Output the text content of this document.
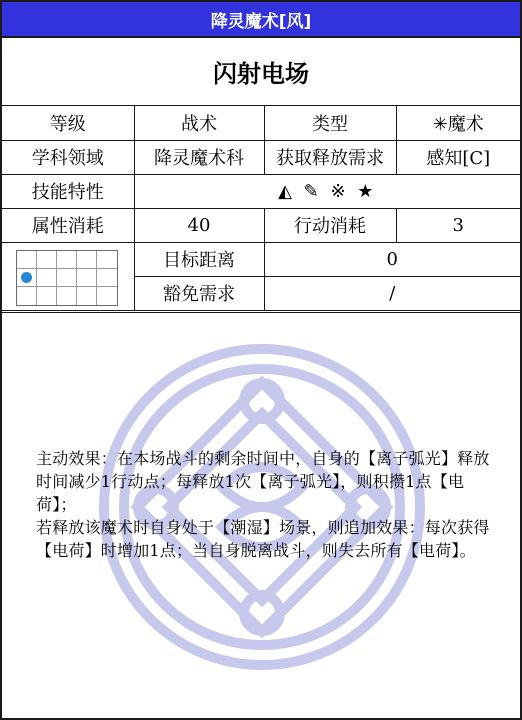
降灵魔术[风]
闪射电场
等级	战术	类型	✳魔术
学科领域	降灵魔术科	获取释放需求	感知[C]
技能特性	◭ ✎ ※ ★		
属性消耗	40	行动消耗	3

	目标距离	0	
	豁免需求	/	
主动效果：在本场战斗的剩余时间中，自身的【离子弧光】释放时间减少1行动点；每释放1次【离子弧光】，则积攒1点【电荷】；
若释放该魔术时自身处于【潮湿】场景，则追加效果：每次获得【电荷】时增加1点；当自身脱离战斗，则失去所有【电荷】。
